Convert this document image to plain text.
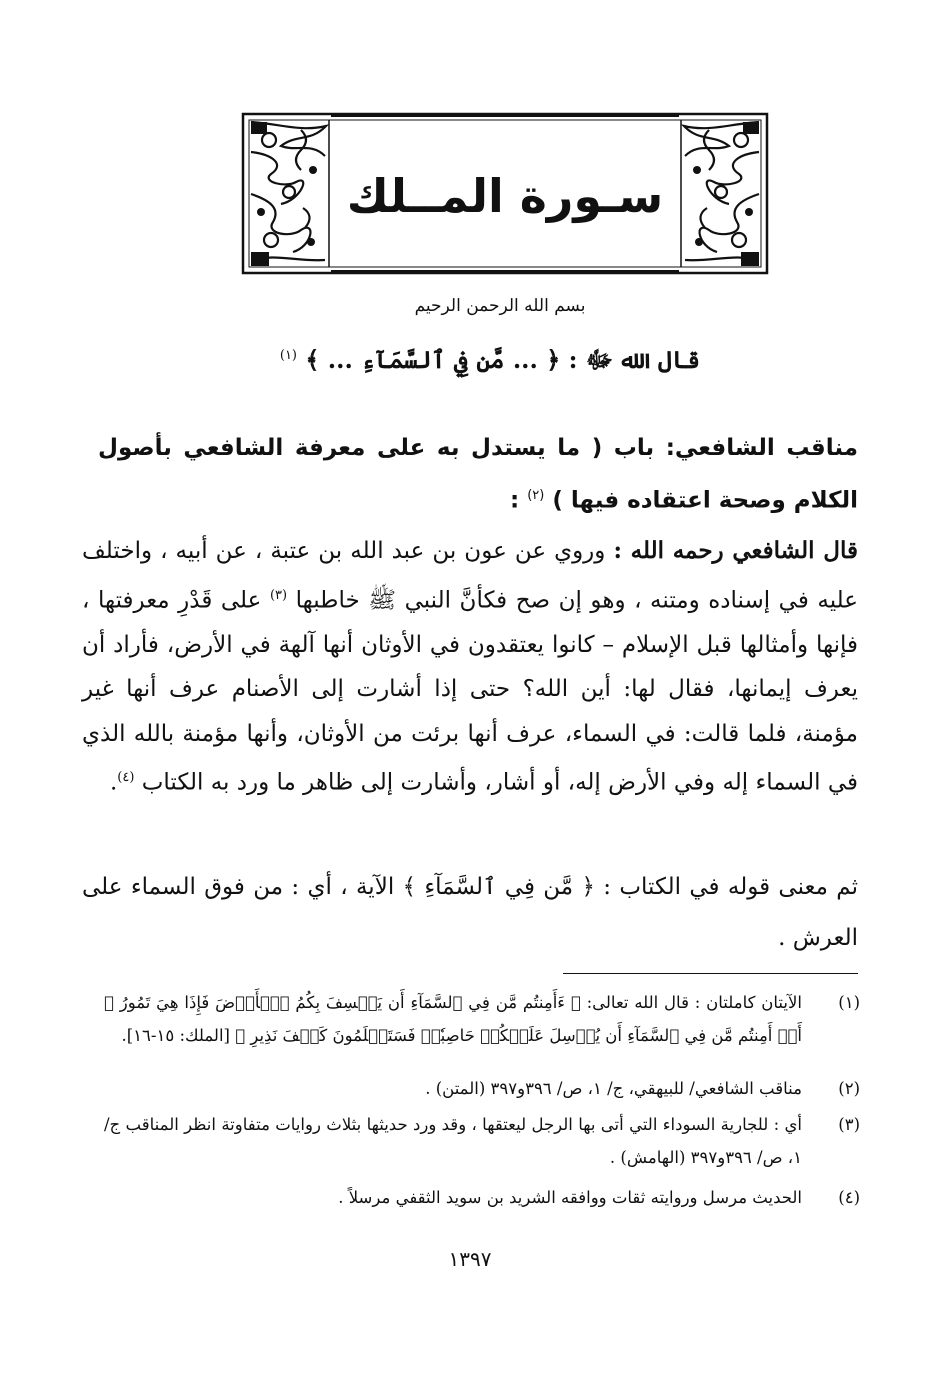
سـورة المــلك
بسم الله الرحمن الرحيم
قال الله ﷻ : ﴿ ... مَّن فِي ٱلسَّمَآءِ ... ﴾ $^{(١)}$
مناقب الشافعي: باب ( ما يستدل به على معرفة الشافعي بأصول الكلام وصحة اعتقاده فيها ) $^{(٢)}$ :
قال الشافعي رحمه الله : وروي عن عون بن عبد الله بن عتبة ، عن أبيه ، واختلف عليه في إسناده ومتنه ، وهو إن صح فكأنَّ النبي ﷺ خاطبها $^{(٣)}$ على قَدْرِ معرفتها ، فإنها وأمثالها قبل الإسلام – كانوا يعتقدون في الأوثان أنها آلهة في الأرض، فأراد أن يعرف إيمانها، فقال لها: أين الله؟ حتى إذا أشارت إلى الأصنام عرف أنها غير مؤمنة، فلما قالت: في السماء، عرف أنها برئت من الأوثان، وأنها مؤمنة بالله الذي في السماء إله وفي الأرض إله، أو أشار، وأشارت إلى ظاهر ما ورد به الكتاب $^{(٤)}$.
ثم معنى قوله في الكتاب : ﴿ مَّن فِي ٱلسَّمَآءِ ﴾ الآية ، أي : من فوق السماء على العرش .
(١)
الآيتان كاملتان : قال الله تعالى: ﴿ ءَأَمِنتُم مَّن فِي ٱلسَّمَآءِ أَن يَخۡسِفَ بِكُمُ ٱلۡأَرۡضَ فَإِذَا هِيَ تَمُورُ ۞ أَمۡ أَمِنتُم مَّن فِي ٱلسَّمَآءِ أَن يُرۡسِلَ عَلَيۡكُمۡ حَاصِبٗاۖ فَسَتَعۡلَمُونَ كَيۡفَ نَذِيرِ ﴾ [الملك: ١٥-١٦].
(٢)
مناقب الشافعي/ للبيهقي، ج/ ١، ص/ ٣٩٦و٣٩٧ (المتن) .
(٣)
أي : للجارية السوداء التي أتى بها الرجل ليعتقها ، وقد ورد حديثها بثلاث روايات متفاوتة انظر المناقب ج/ ١، ص/ ٣٩٦و٣٩٧ (الهامش) .
(٤)
الحديث مرسل وروايته ثقات ووافقه الشريد بن سويد الثقفي مرسلاً .
١٣٩٧
